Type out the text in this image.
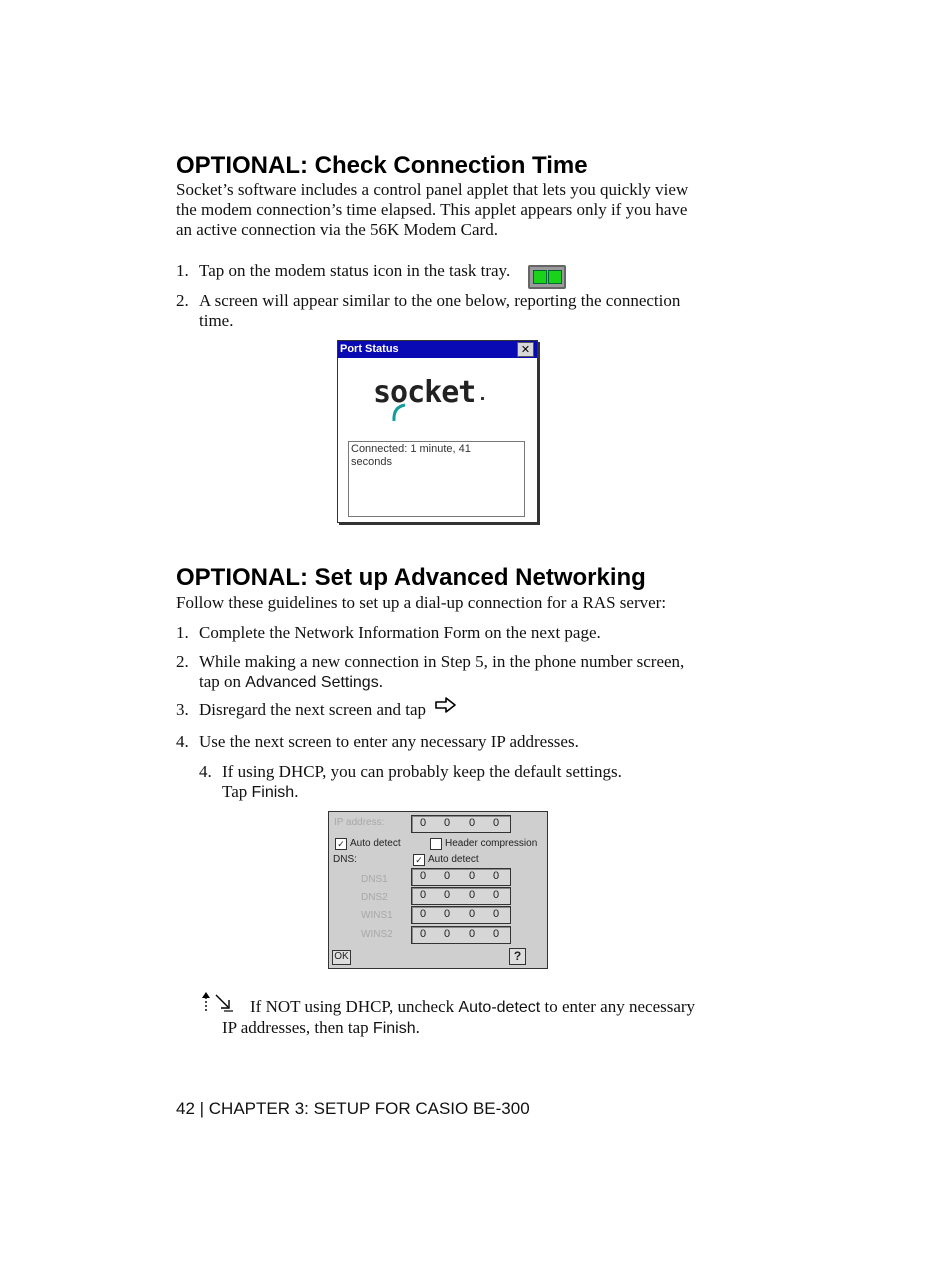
OPTIONAL: Check Connection Time
Socket’s software includes a control panel applet that lets you quickly view
the modem connection’s time elapsed. This applet appears only if you have
an active connection via the 56K Modem Card.
1. Tap on the modem status icon in the task tray.
2. A screen will appear similar to the one below, reporting the connection
time.
Port Status	✕
socket
Connected: 1 minute, 41
seconds
OPTIONAL: Set up Advanced Networking
Follow these guidelines to set up a dial-up connection for a RAS server:
1. Complete the Network Information Form on the next page.
2. While making a new connection in Step 5, in the phone number screen,
tap on Advanced Settings.
3. Disregard the next screen and tap
4. Use the next screen to enter any necessary IP addresses.
4. If using DHCP, you can probably keep the default settings.
Tap Finish.
IP address:	0 0 0 0
✓ Auto detect	Header compression
DNS:	✓ Auto detect
DNS1	0 0 0 0
DNS2	0 0 0 0
WINS1 0 0 0 0
WINS2 0 0 0 0
OK	?
If NOT using DHCP, uncheck Auto-detect to enter any necessary
IP addresses, then tap Finish.
42 | CHAPTER 3: SETUP FOR CASIO BE-300
